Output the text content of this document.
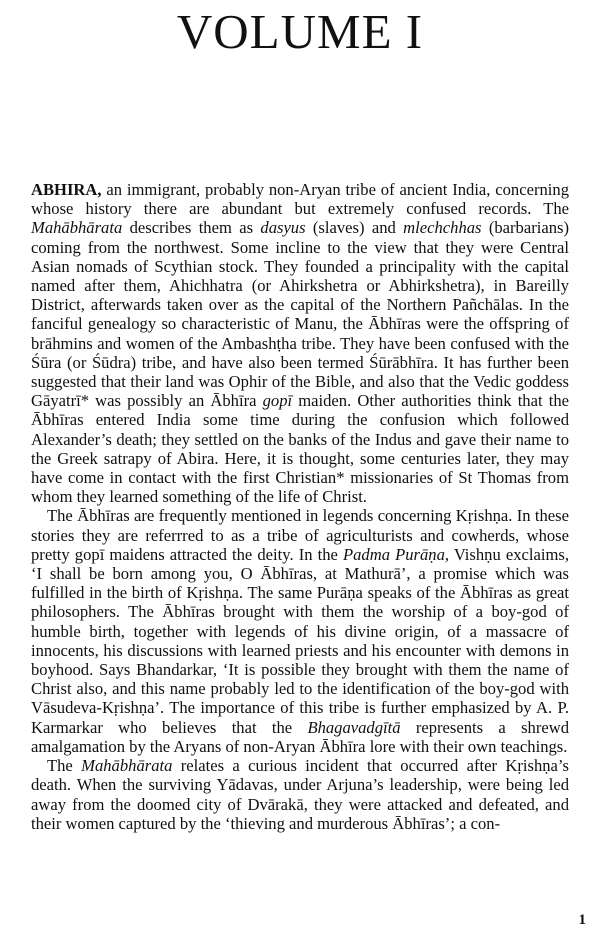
VOLUME I

ABHIRA, an immigrant, probably non-Aryan tribe of ancient India, concerning whose history there are abundant but extremely confused records. The Mahābhārata describes them as dasyus (slaves) and mlechchhas (barbarians) coming from the northwest. Some incline to the view that they were Central Asian nomads of Scythian stock. They founded a principality with the capital named after them, Ahichhatra (or Ahirkshetra or Abhirkshetra), in Bareilly District, afterwards taken over as the capital of the Northern Pañchālas. In the fanciful genealogy so characteristic of Manu, the Ābhīras were the offspring of brāhmins and women of the Ambashṭha tribe. They have been confused with the Śūra (or Śūdra) tribe, and have also been termed Śūrābhīra. It has further been suggested that their land was Ophir of the Bible, and also that the Vedic goddess Gāyatrī* was possibly an Ābhīra gopī maiden. Other authorities think that the Ābhīras entered India some time during the confusion which followed Alexander’s death; they settled on the banks of the Indus and gave their name to the Greek satrapy of Abira. Here, it is thought, some centuries later, they may have come in contact with the first Christian* missionaries of St Thomas from whom they learned something of the life of Christ.

The Ābhīras are frequently mentioned in legends concerning Kṛishṇa. In these stories they are referrred to as a tribe of agriculturists and cowherds, whose pretty gopī maidens attracted the deity. In the Padma Purāṇa, Vishṇu exclaims, ‘I shall be born among you, O Ābhīras, at Mathurā’, a promise which was fulfilled in the birth of Kṛishṇa. The same Purāṇa speaks of the Ābhīras as great philosophers. The Ābhīras brought with them the worship of a boy-god of humble birth, together with legends of his divine origin, of a massacre of innocents, his discussions with learned priests and his encounter with demons in boyhood. Says Bhandarkar, ‘It is possible they brought with them the name of Christ also, and this name probably led to the identification of the boy-god with Vāsudeva-Kṛishṇa’. The importance of this tribe is further emphasized by A. P. Karmarkar who believes that the Bhagavadgītā represents a shrewd amalgamation by the Aryans of non-Aryan Ābhīra lore with their own teachings.

The Mahābhārata relates a curious incident that occurred after Kṛishṇa’s death. When the surviving Yādavas, under Arjuna’s leadership, were being led away from the doomed city of Dvārakā, they were attacked and defeated, and their women captured by the ‘thieving and murderous Ābhīras’; a con-

1
